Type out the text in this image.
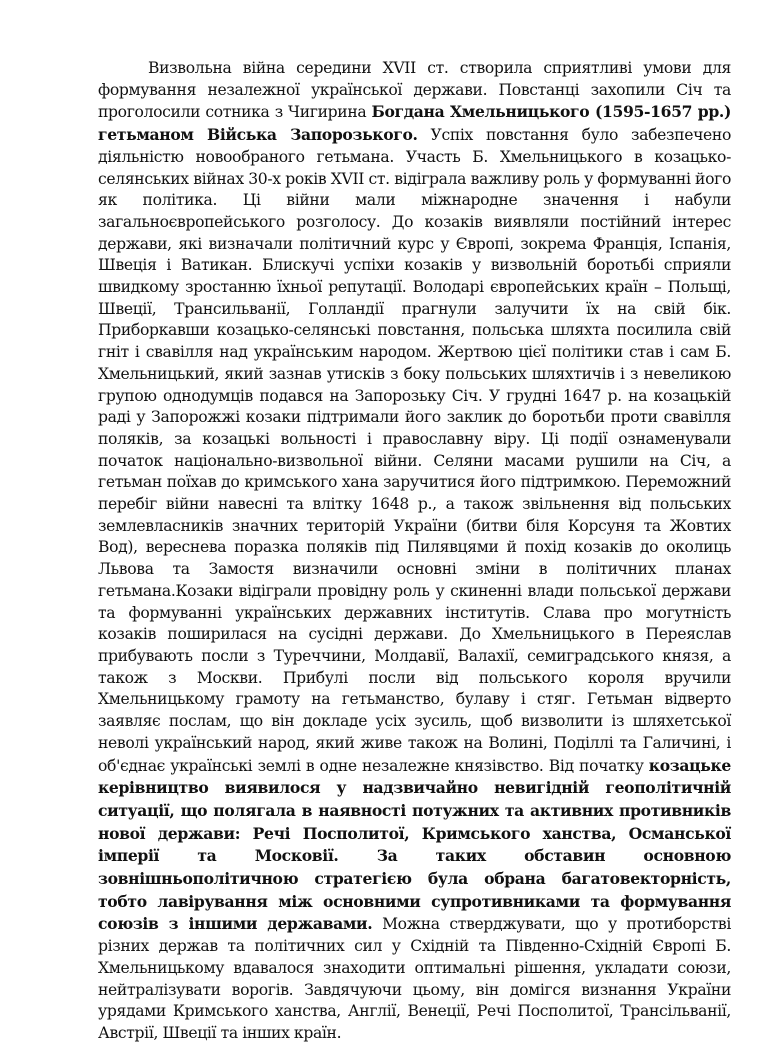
Визвольна війна середини XVII ст. створила сприятливі умови для формування незалежної української держави. Повстанці захопили Січ та проголосили сотника з Чигирина Богдана Хмельницького (1595-1657 рр.) гетьманом Війська Запорозького. Успіх повстання було забезпечено діяльністю новообраного гетьмана. Участь Б. Хмельницького в козацько-селянських війнах 30-х років XVII ст. відіграла важливу роль у формуванні його як політика. Ці війни мали міжнародне значення і набули загальноєвропейського розголосу. До козаків виявляли постійний інтерес держави, які визначали політичний курс у Європі, зокрема Франція, Іспанія, Швеція і Ватикан. Блискучі успіхи козаків у визвольній боротьбі сприяли швидкому зростанню їхньої репутації. Володарі європейських країн – Польщі, Швеції, Трансильванії, Голландії прагнули залучити їх на свій бік. Приборкавши козацько-селянські повстання, польська шляхта посилила свій гніт і свавілля над українським народом. Жертвою цієї політики став і сам Б. Хмельницький, який зазнав утисків з боку польських шляхтичів і з невеликою групою однодумців подався на Запорозьку Січ. У грудні 1647 р. на козацькій раді у Запорожжі козаки підтримали його заклик до боротьби проти свавілля поляків, за козацькі вольності і православну віру. Ці події ознаменували початок національно-визвольної війни. Селяни масами рушили на Січ, а гетьман поїхав до кримського хана заручитися його підтримкою. Переможний перебіг війни навесні та влітку 1648 р., а також звільнення від польських землевласників значних територій України (битви біля Корсуня та Жовтих Вод), вереснева поразка поляків під Пилявцями й похід козаків до околиць Львова та Замостя визначили основні зміни в політичних планах гетьмана.Козаки відіграли провідну роль у скиненні влади польської держави та формуванні українських державних інститутів. Слава про могутність козаків поширилася на сусідні держави. До Хмельницького в Переяслав прибувають посли з Туреччини, Молдавії, Валахії, семиградського князя, а також з Москви. Прибулі посли від польського короля вручили Хмельницькому грамоту на гетьманство, булаву і стяг. Гетьман відверто заявляє послам, що він докладе усіх зусиль, щоб визволити із шляхетської неволі український народ, який живе також на Волині, Поділлі та Галичині, і об'єднає українські землі в одне незалежне князівство. Від початку козацьке керівництво виявилося у надзвичайно невигідній геополітичній ситуації, що полягала в наявності потужних та активних противників нової держави: Речі Посполитої, Кримського ханства, Османської імперії та Московії. За таких обставин основною зовнішньополітичною стратегією була обрана багатовекторність, тобто лавірування між основними супротивниками та формування союзів з іншими державами. Можна стверджувати, що у протиборстві різних держав та політичних сил у Східній та Південно-Східній Європі Б. Хмельницькому вдавалося знаходити оптимальні рішення, укладати союзи, нейтралізувати ворогів. Завдячуючи цьому, він домігся визнання України урядами Кримського ханства, Англії, Венеції, Речі Посполитої, Трансільванії, Австрії, Швеції та інших країн.
